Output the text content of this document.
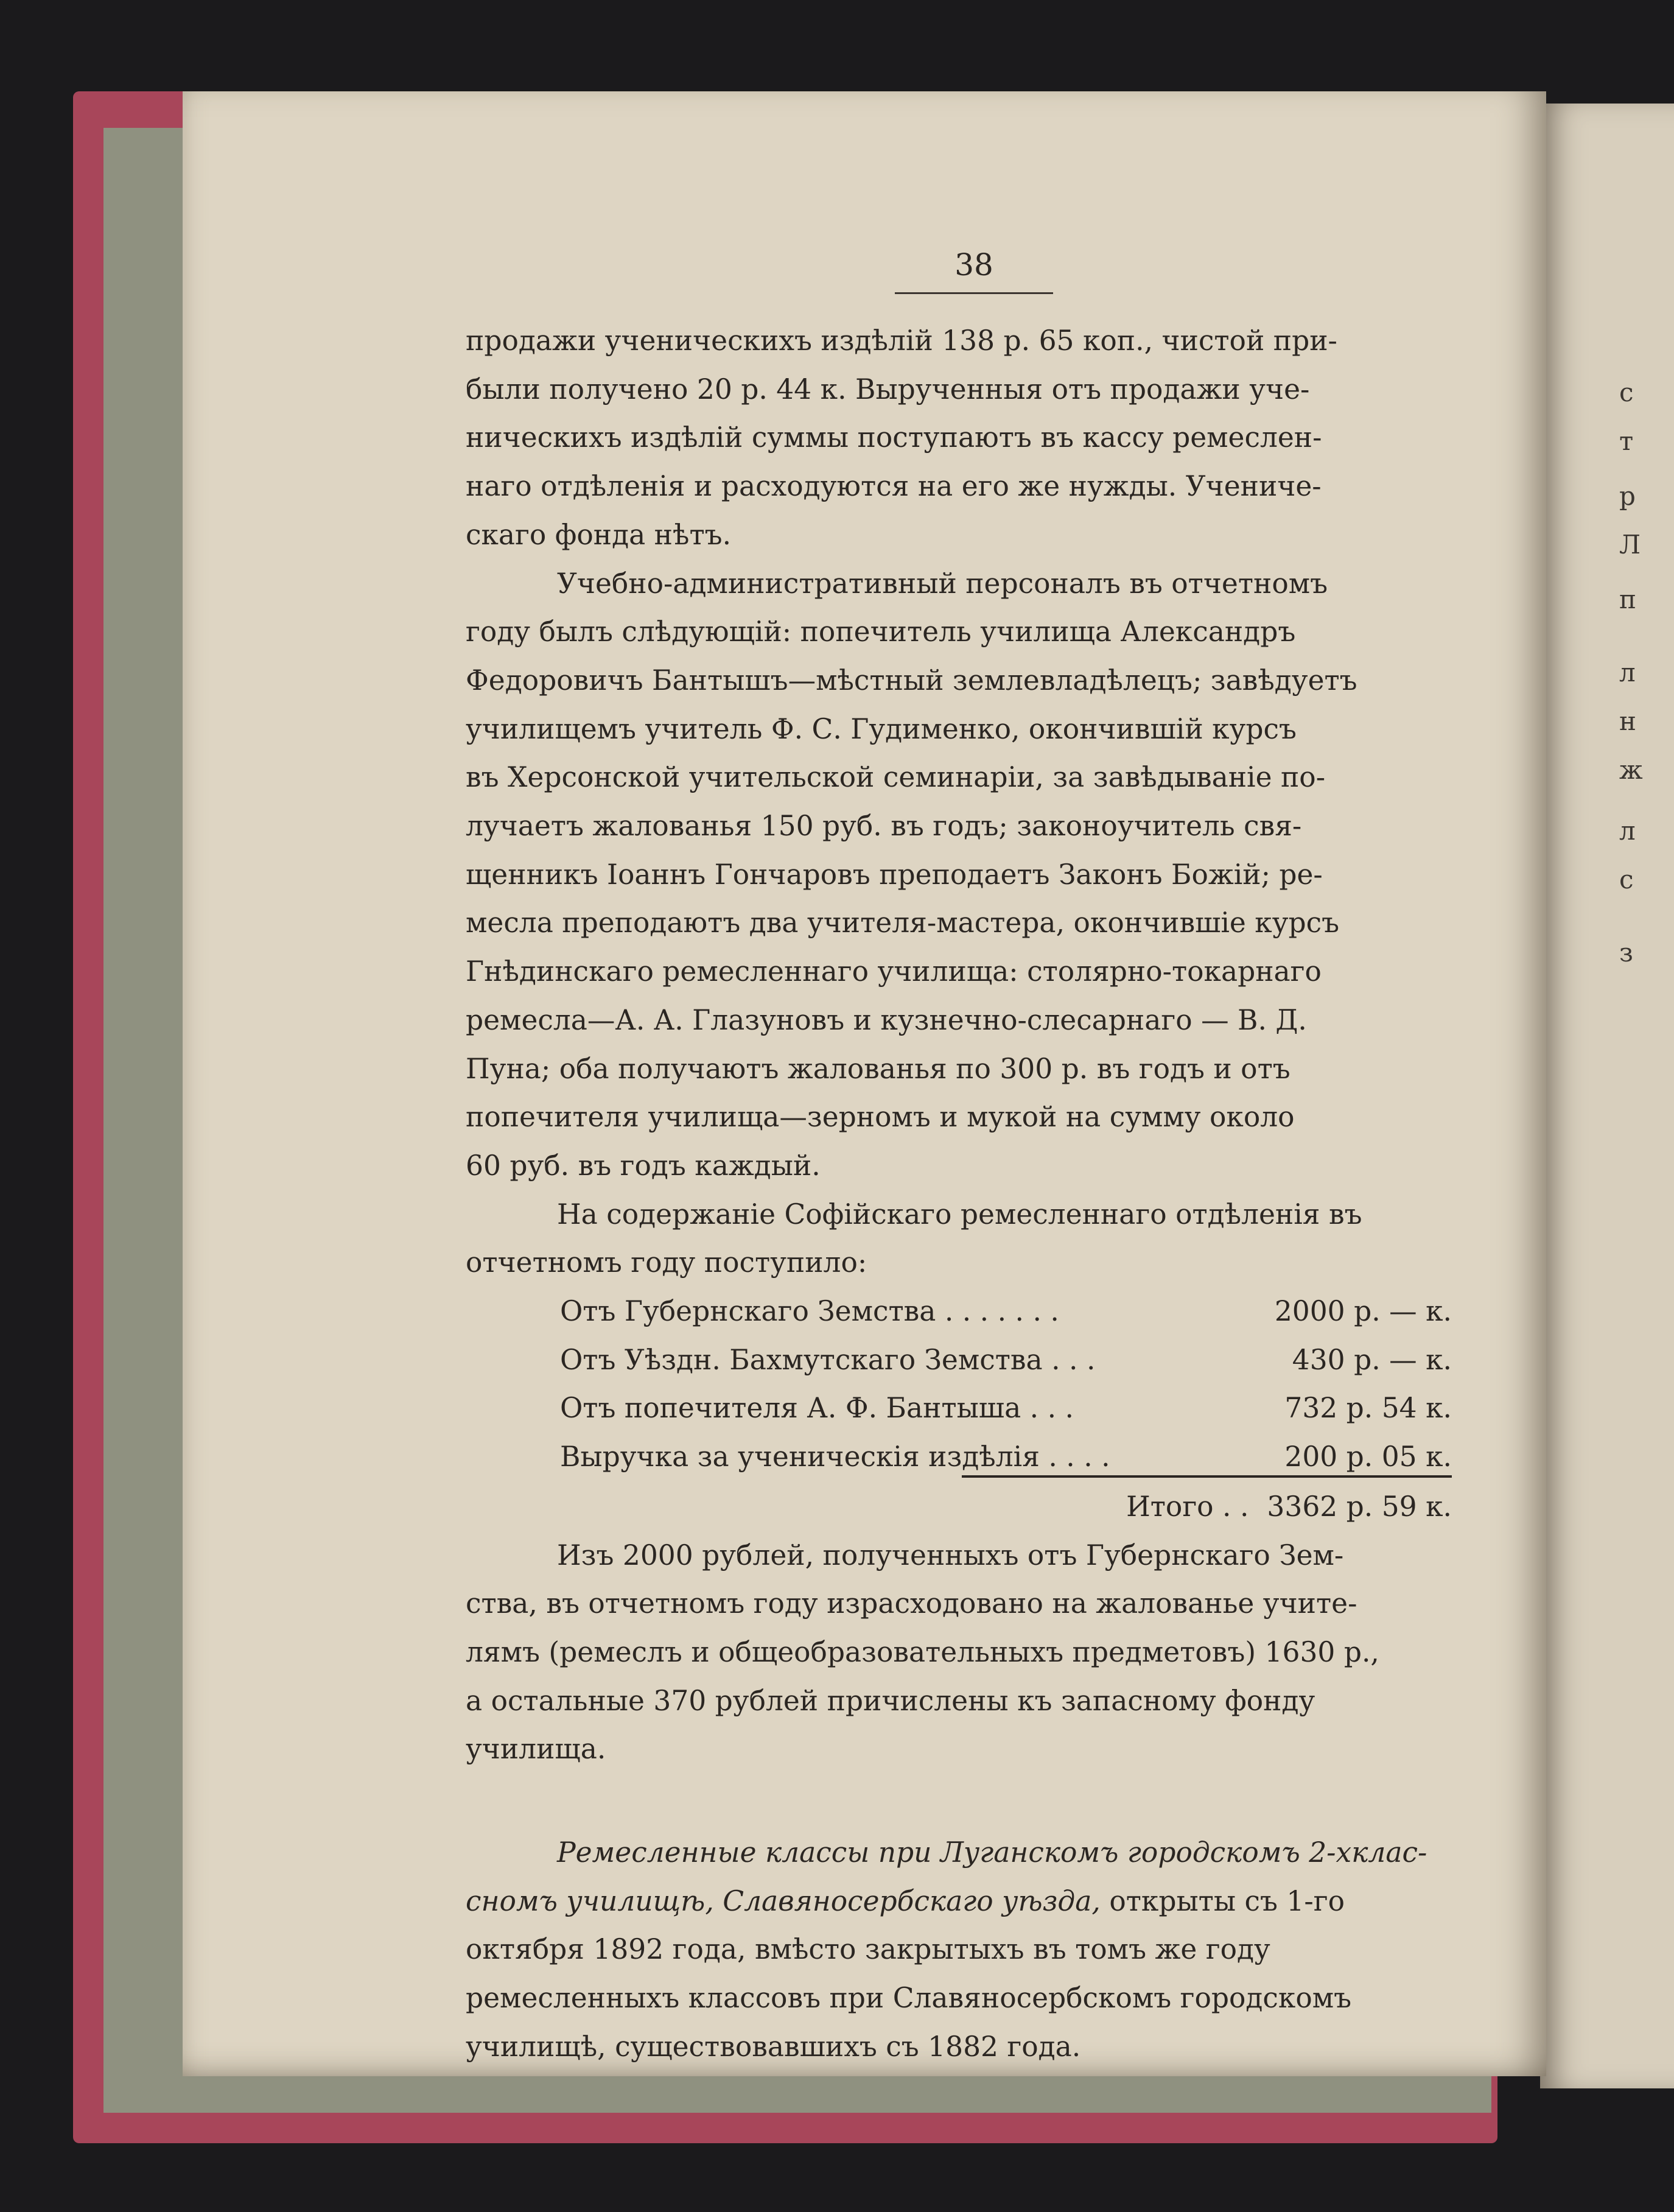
с
т
р
Л
п
л
н
ж
л
с
з
38
продажи ученическихъ издѣлій 138 р. 65 коп., чистой при-
были получено 20 р. 44 к. Вырученныя отъ продажи уче-
ническихъ издѣлій суммы поступаютъ въ кассу ремеслен-
наго отдѣленія и расходуются на его же нужды. Учениче-
скаго фонда нѣтъ.
Учебно-административный персоналъ въ отчетномъ
году былъ слѣдующій: попечитель училища Александръ
Федоровичъ Бантышъ—мѣстный землевладѣлецъ; завѣдуетъ
училищемъ учитель Ф. С. Гудименко, окончившій курсъ
въ Херсонской учительской семинаріи, за завѣдываніе по-
лучаетъ жалованья 150 руб. въ годъ; законоучитель свя-
щенникъ Іоаннъ Гончаровъ преподаетъ Законъ Божій; ре-
месла преподаютъ два учителя-мастера, окончившіе курсъ
Гнѣдинскаго ремесленнаго училища: столярно-токарнаго
ремесла—А. А. Глазуновъ и кузнечно-слесарнаго — В. Д.
Пуна; оба получаютъ жалованья по 300 р. въ годъ и отъ
попечителя училища—зерномъ и мукой на сумму около
60 руб. въ годъ каждый.
На содержаніе Софійскаго ремесленнаго отдѣленія въ
отчетномъ году поступило:
Отъ Губернскаго Земства . . . . . . .	2000 р. — к.
Отъ Уѣздн. Бахмутскаго Земства . . .	430 р. — к.
Отъ попечителя А. Ф. Бантыша . . .	732 р. 54 к.
Выручка за ученическія издѣлія . . . .	200 р. 05 к.
Итого . . 3362 р. 59 к.
Изъ 2000 рублей, полученныхъ отъ Губернскаго Зем-
ства, въ отчетномъ году израсходовано на жалованье учите-
лямъ (ремеслъ и общеобразовательныхъ предметовъ) 1630 р.,
а остальные 370 рублей причислены къ запасному фонду
училища.
Ремесленные классы при Луганскомъ городскомъ 2-хклас-
сномъ училищѣ, Славяносербскаго уѣзда, открыты съ 1-го
октября 1892 года, вмѣсто закрытыхъ въ томъ же году
ремесленныхъ классовъ при Славяносербскомъ городскомъ
училищѣ, существовавшихъ съ 1882 года.
